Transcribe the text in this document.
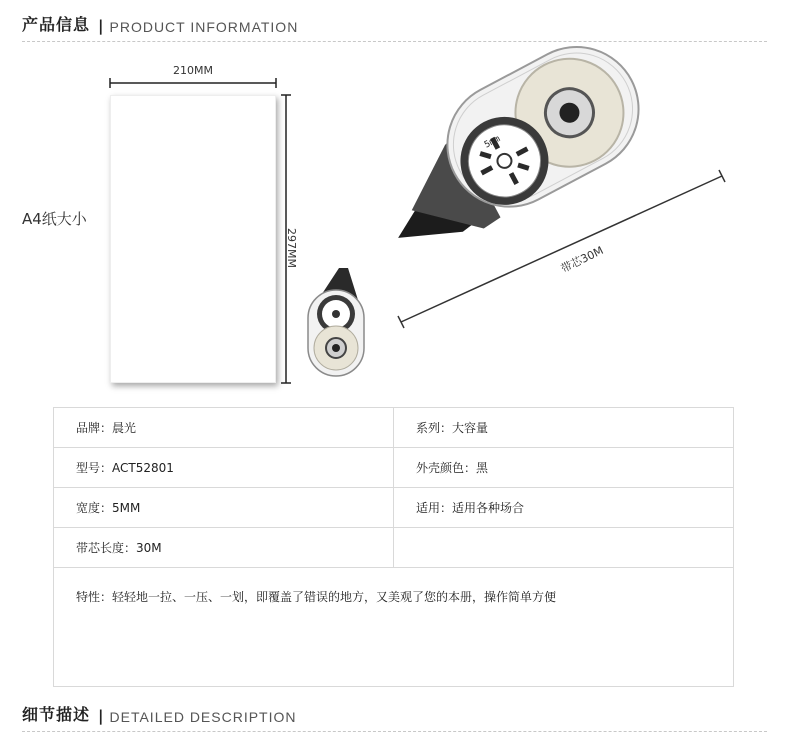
产品信息 | PRODUCT INFORMATION
A4纸大小
210MM
297MM	带芯30M
5mm
品牌：晨光	系列：大容量
型号：ACT52801	外壳颜色：黑
宽度：5MM	适用：适用各种场合
带芯长度：30M	
特性：轻轻地一拉、一压、一划，即覆盖了错误的地方，又美观了您的本册，操作简单方便	
细节描述 | DETAILED DESCRIPTION
